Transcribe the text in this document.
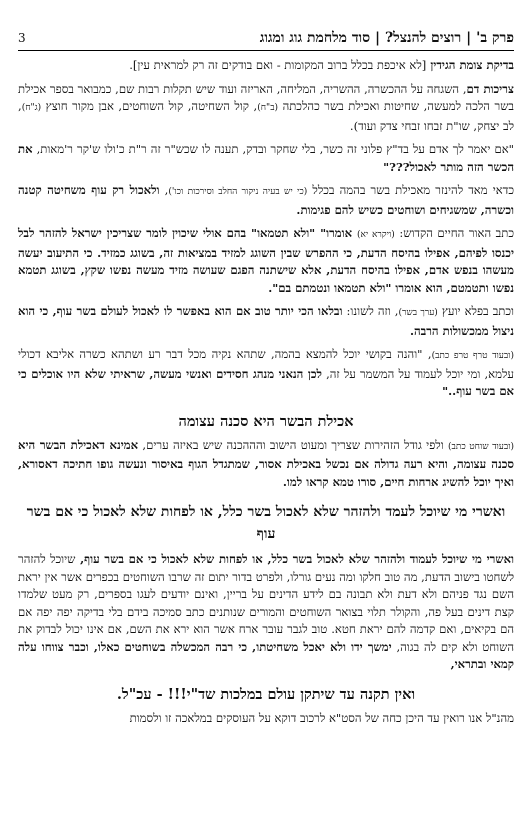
פרק ב' | רוצים להנצל? | סוד מלחמת גוג ומגוג
3

בדיקת צומת הגידין [לא איכפת בכלל ברוב המקומות - ואם בודקים זה רק למראית עין].

צריכות דם, השגחה על ההכשרה, ההשריה, המליחה, האריזה ועוד שיש תקלות רבות שם, כמבואר בספר אכילת בשר הלכה למעשה, שחיטות ואכילת בשר כהלכתה (ב"ח), קול השחיטה, קול השוחטים, אבן מקור חוצץ (ג"ח), לב יצחק, שו"ת זבחו זבחי צדק ועוד).

"אם יאמר לך אדם על בד"ץ פלוני זה כשר, בלי שחקר ובדק, תענה לו שכש"ר זה ר"ת כ'ולו ש'קר ר'מאות, את הכשר הזה מותר לאכול???"

כדאי מאד להינזר מאכילת בשר בהמה בכלל (כי יש בעיה ניקור החלב וסירכות וכו'), ולאכול רק עוף משחיטה קטנה וכשרה, שמשגיחים ושוחטים כשיש להם פגימות.

כתב האור החיים הקדוש: (ויקרא יא) אומרו" "ולא תטמאו" בהם אולי שיכוין לומר שצריכין ישראל להזהר לבל יכנסו לפיהם, אפילו בהיסח הדעת, כי ההפרש שבין השוגג למזיד במציאות זה, בשוגג כמזיד. כי התיעוב יעשה מעשהו בנפש אדם, אפילו בהיסח הדעת, אלא שישתנה הפגם שעושה מזיד מעשה נפשו שקץ, בשוגג תטמא נפשו ותטמטם, הוא אומרו "ולא תטמאו ונטמתם בם".

וכתב בפלא יועץ (ערך בשר), וזה לשונו: ובלאו הכי יותר טוב אם הוא באפשר לו לאכול לעולם בשר עוף, כי הוא ניצול ממכשולות הרבה.

(ובעוד טרף טרפ כתב), "והנה בקושי יוכל להמצא בהמה, שתהא נקיה מכל דבר רע ושתהא כשרה אליבא דכולי עלמא, ומי יוכל לעמוד על המשמר על זה, לכן הנאני מנהג חסידים ואנשי מעשה, שראיתי שלא היו אוכלים כי אם בשר עוף.."

אכילת הבשר היא סכנה עצומה

(ובעוד שוחט כתב) ולפי גודל הזהירות שצריך ומעוט הישוב והההכנה שיש באיזה ערים, אמינא דאכילת הבשר היא סכנה עצומה, והיא רעה גדולה אם נכשל באכילת אסור, שמתגדל הגוף באיסור ונעשה גופו חתיכה דאסורא, ואיך יוכל להשיג ארחות חיים, סורו טמא קראו למו.

ואשרי מי שיוכל לעמד ולהזהר שלא לאכול בשר כלל, או לפחות שלא לאכול כי אם בשר עוף

ואשרי מי שיוכל לעמוד ולהזהר שלא לאכול בשר כלל, או לפחות שלא לאכול כי אם בשר עוף, שיוכל להזהר לשחטו בישוב הדעת, מה טוב חלקו ומה נעים גורלו, ולפרט בדור יתום זה שרבו השוחטים בכפרים אשר אין יראת השם נגד פניהם ולא דעת ולא תבונה בם לידע הדינים על בריין, ואינם יודעים לעגו בספרים, רק מעט שלמדו קצת דינים בעל פה, והקולר תלוי בצואר השוחטים והמורים שנותנים כתב סמיכה בידם בלי בדיקה יפה יפה אם הם בקיאים, ואם קדמה להם יראת חטא. טוב לגבר עובר ארח אשר הוא ירא את השם, אם אינו יכול לבדוק את השוחט ולא קים לה בגוה, ימשך ידו ולא יאכל משחיטתו, כי רבה המכשלה בשוחטים כאלו, וכבר צווחו עלה קמאי ובתראי,

ואין תקנה עד שיתקן עולם במלכות שד"י!!! - עכ"ל.

מהנ"ל אנו רואין עד היכן כחה של הסט"א לרכוב דוקא על העוסקים במלאכה זו ולסמות
